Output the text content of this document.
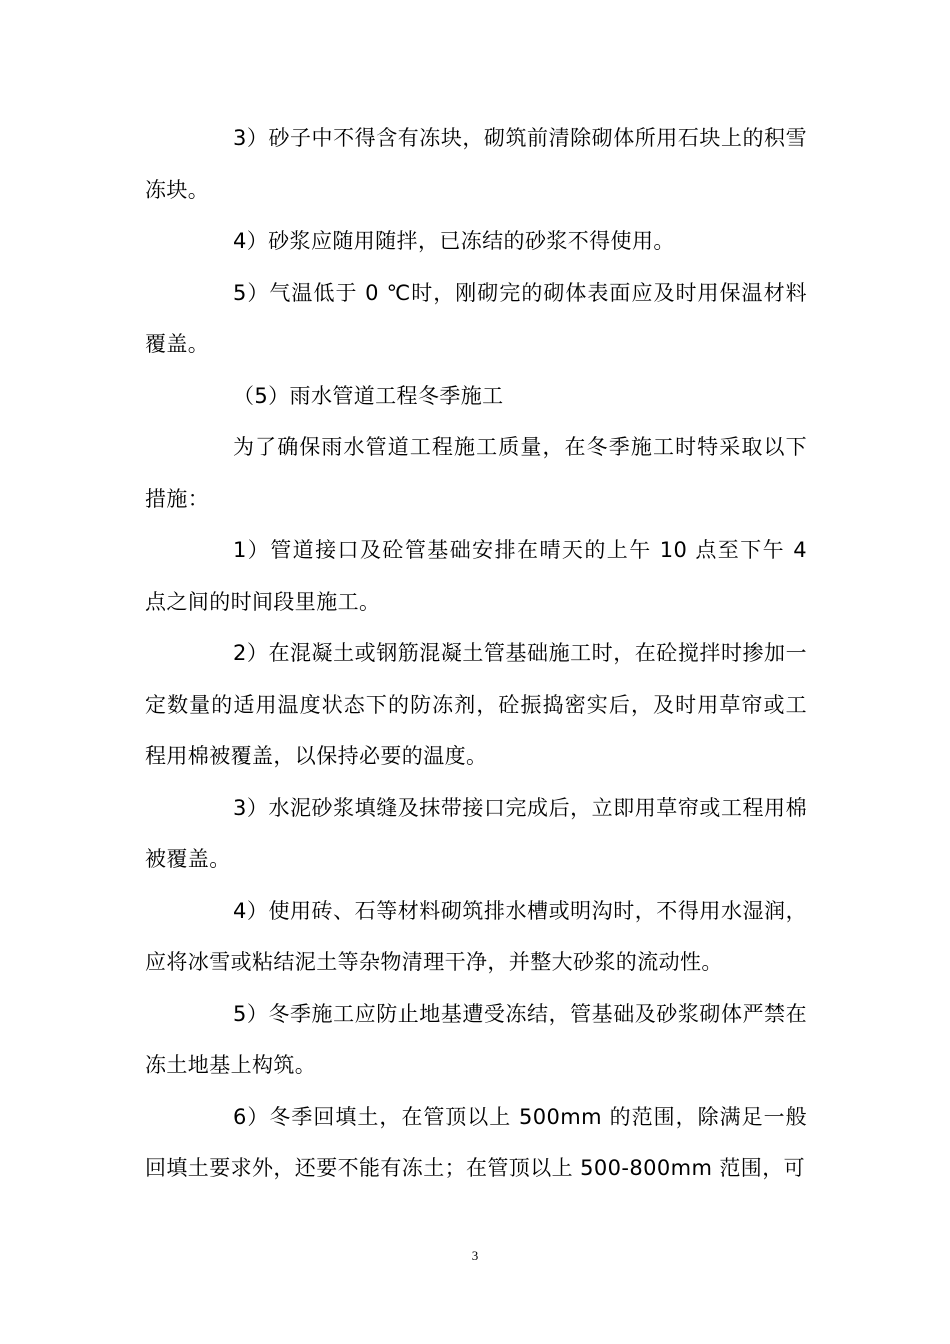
3）砂子中不得含有冻块，砌筑前清除砌体所用石块上的积雪冻块。

4）砂浆应随用随拌，已冻结的砂浆不得使用。

5）气温低于 0 ℃时，刚砌完的砌体表面应及时用保温材料覆盖。

（5）雨水管道工程冬季施工

为了确保雨水管道工程施工质量，在冬季施工时特采取以下措施：

1）管道接口及砼管基础安排在晴天的上午 10 点至下午 4 点之间的时间段里施工。

2）在混凝土或钢筋混凝土管基础施工时，在砼搅拌时掺加一定数量的适用温度状态下的防冻剂，砼振捣密实后，及时用草帘或工程用棉被覆盖，以保持必要的温度。

3）水泥砂浆填缝及抹带接口完成后，立即用草帘或工程用棉被覆盖。

4）使用砖、石等材料砌筑排水槽或明沟时，不得用水湿润，应将冰雪或粘结泥土等杂物清理干净，并整大砂浆的流动性。

5）冬季施工应防止地基遭受冻结，管基础及砂浆砌体严禁在冻土地基上构筑。

6）冬季回填土，在管顶以上 500mm 的范围，除满足一般回填土要求外，还要不能有冻土；在管顶以上 500-800mm 范围，可

3
